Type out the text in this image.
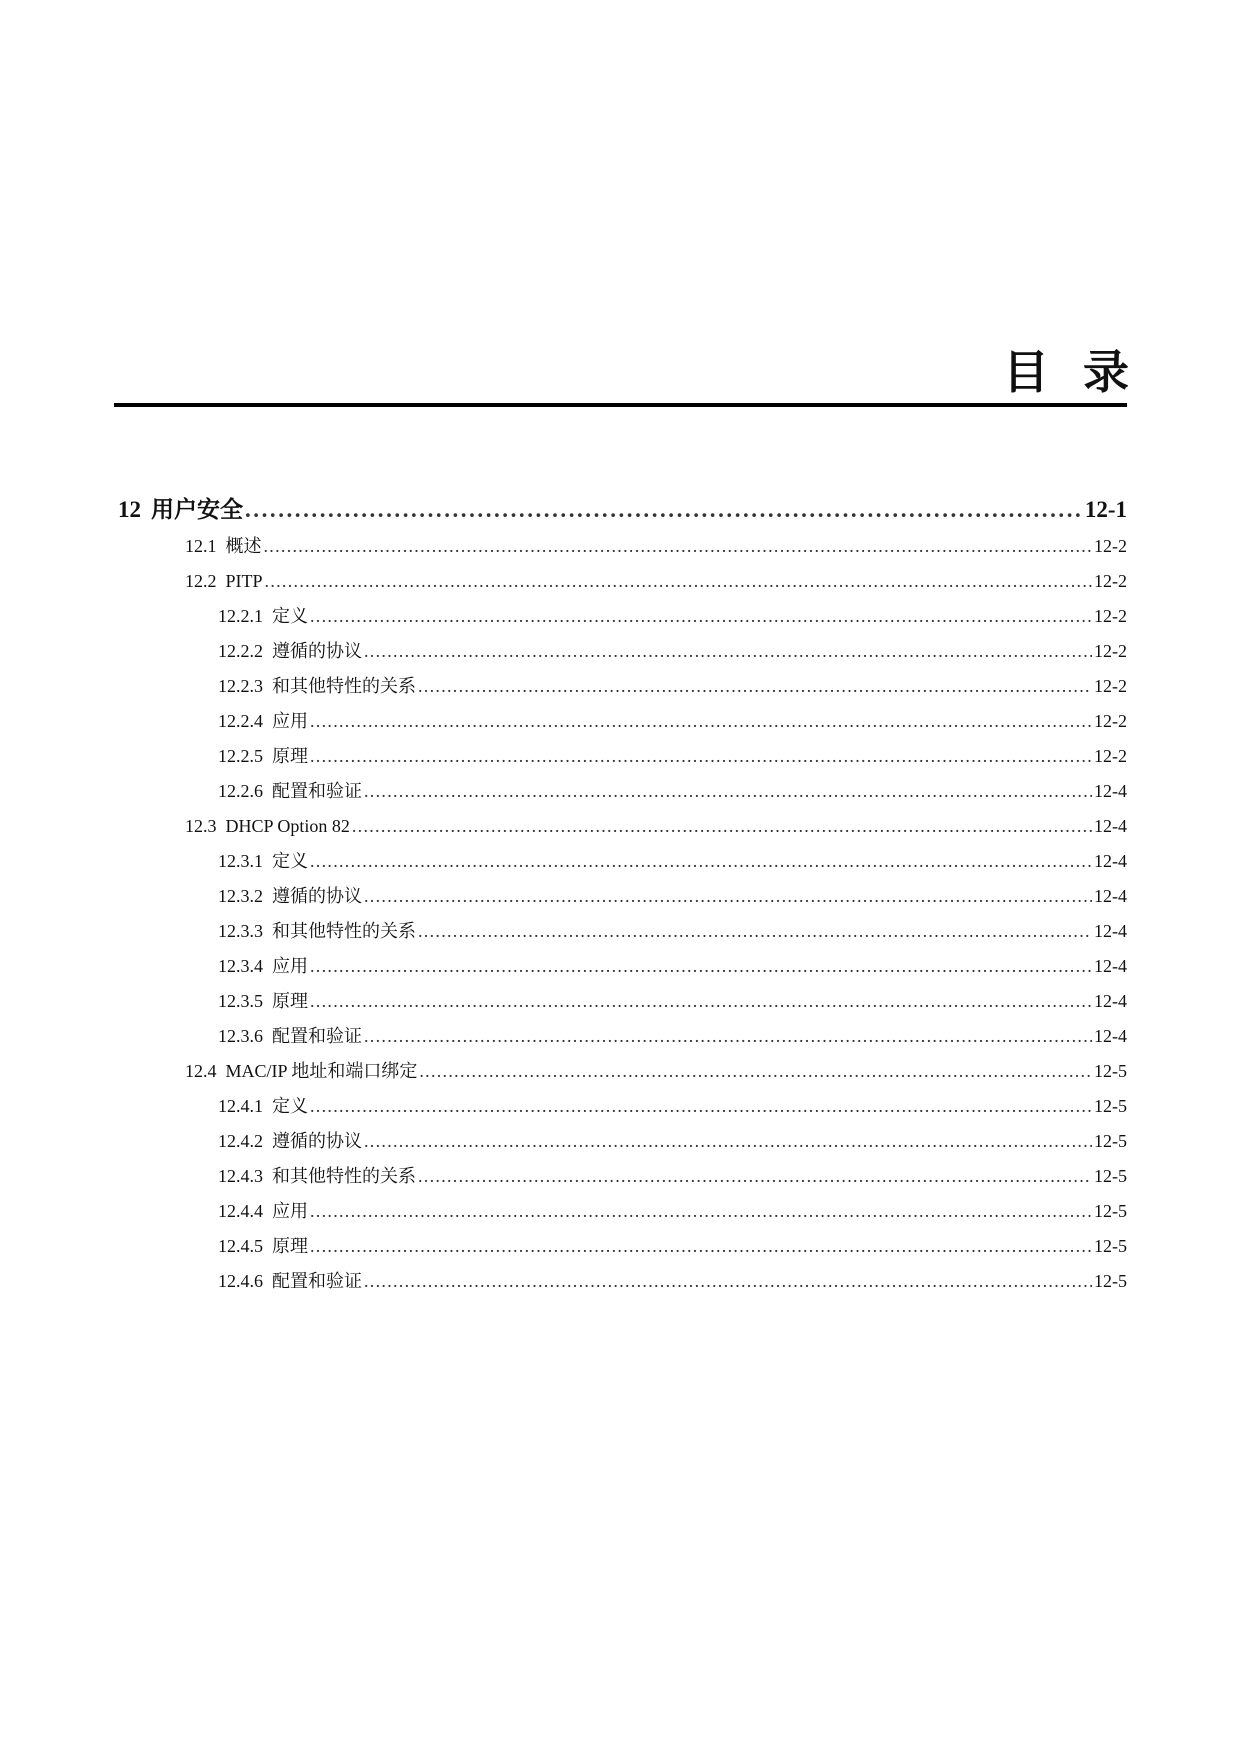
目录
12 用户安全 . . .	12-1
12.1 概述 . . .	12-2
12.2 PITP . . .	12-2
12.2.1 定义 . . .	12-2
12.2.2 遵循的协议 . . .	12-2
12.2.3 和其他特性的关系 . . .	12-2
12.2.4 应用 . . .	12-2
12.2.5 原理 . . .	12-2
12.2.6 配置和验证 . . .	12-4
12.3 DHCP Option 82 . . .	12-4
12.3.1 定义 . . .	12-4
12.3.2 遵循的协议 . . .	12-4
12.3.3 和其他特性的关系 . . .	12-4
12.3.4 应用 . . .	12-4
12.3.5 原理 . . .	12-4
12.3.6 配置和验证 . . .	12-4
12.4 MAC/IP 地址和端口绑定 . . .	12-5
12.4.1 定义 . . .	12-5
12.4.2 遵循的协议 . . .	12-5
12.4.3 和其他特性的关系 . . .	12-5
12.4.4 应用 . . .	12-5
12.4.5 原理 . . .	12-5
12.4.6 配置和验证 . . .	12-5
